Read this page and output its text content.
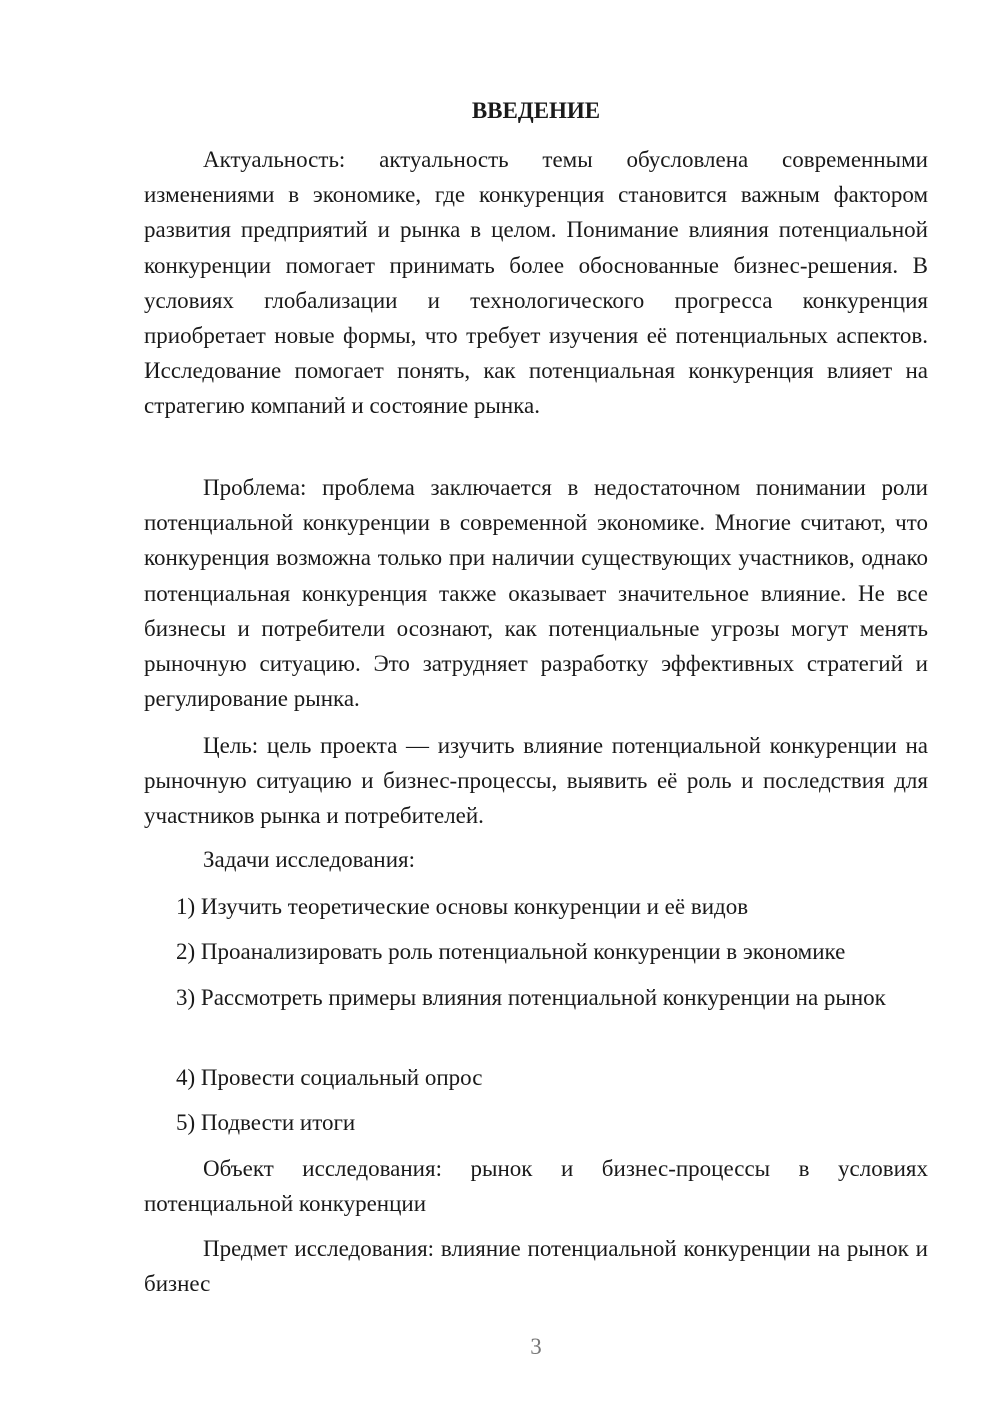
ВВЕДЕНИЕ

Актуальность: актуальность темы обусловлена современными изменениями в экономике, где конкуренция становится важным фактором развития предприятий и рынка в целом. Понимание влияния потенциальной конкуренции помогает принимать более обоснованные бизнес-решения. В условиях глобализации и технологического прогресса конкуренция приобретает новые формы, что требует изучения её потенциальных аспектов. Исследование помогает понять, как потенциальная конкуренция влияет на стратегию компаний и состояние рынка.

Проблема: проблема заключается в недостаточном понимании роли потенциальной конкуренции в современной экономике. Многие считают, что конкуренция возможна только при наличии существующих участников, однако потенциальная конкуренция также оказывает значительное влияние. Не все бизнесы и потребители осознают, как потенциальные угрозы могут менять рыночную ситуацию. Это затрудняет разработку эффективных стратегий и регулирование рынка.

Цель: цель проекта — изучить влияние потенциальной конкуренции на рыночную ситуацию и бизнес-процессы, выявить её роль и последствия для участников рынка и потребителей.

Задачи исследования:

1) Изучить теоретические основы конкуренции и её видов

2) Проанализировать роль потенциальной конкуренции в экономике

3) Рассмотреть примеры влияния потенциальной конкуренции на рынок

4) Провести социальный опрос

5) Подвести итоги

Объект исследования: рынок и бизнес-процессы в условиях потенциальной конкуренции

Предмет исследования: влияние потенциальной конкуренции на рынок и бизнес

3
